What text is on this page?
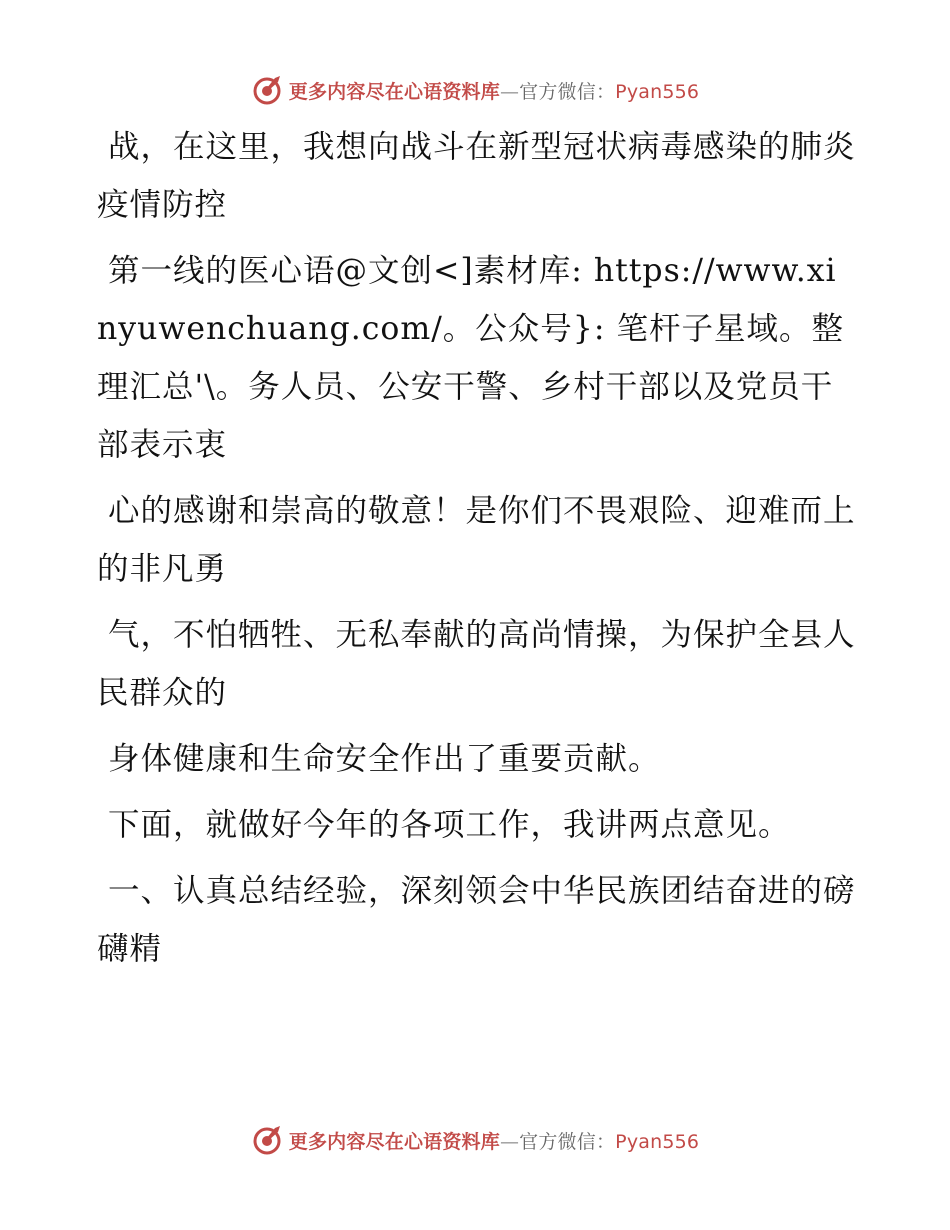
更多内容尽在心语资料库—官方微信：Pyan556

战，在这里，我想向战斗在新型冠状病毒感染的肺炎疫情防控

第一线的医心语@文创<]素材库: https://www.xinyuwenchuang.com/。公众号}: 笔杆子星域。整理汇总'\。务人员、公安干警、乡村干部以及党员干部表示衷

心的感谢和崇高的敬意！是你们不畏艰险、迎难而上的非凡勇

气，不怕牺牲、无私奉献的高尚情操，为保护全县人民群众的

身体健康和生命安全作出了重要贡献。

下面，就做好今年的各项工作，我讲两点意见。

一、认真总结经验，深刻领会中华民族团结奋进的磅礴精

更多内容尽在心语资料库—官方微信：Pyan556
